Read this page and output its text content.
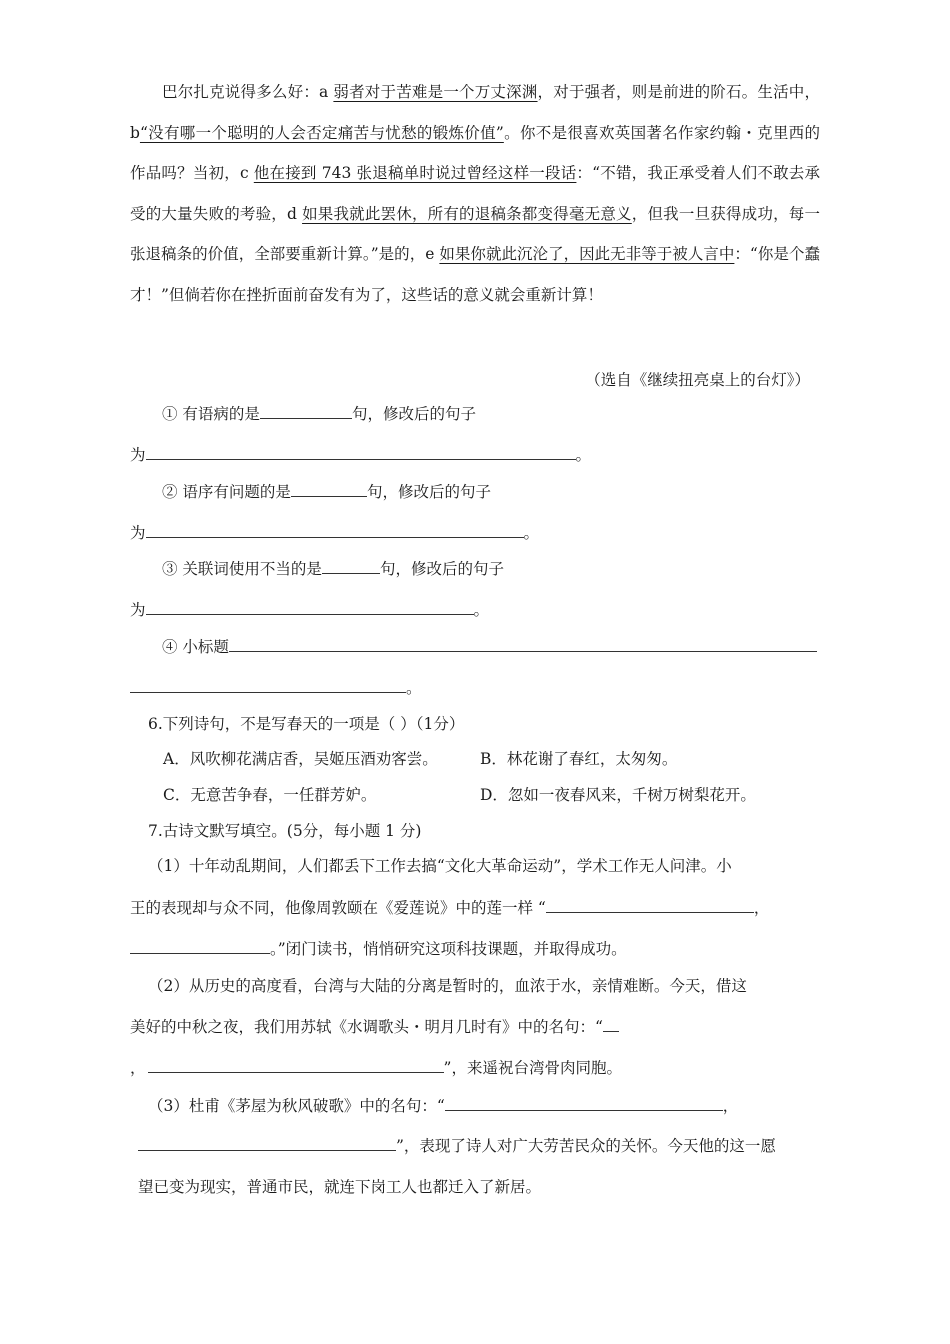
巴尔扎克说得多么好：a 弱者对于苦难是一个万丈深渊，对于强者，则是前进的阶石。生活中，b“没有哪一个聪明的人会否定痛苦与忧愁的锻炼价值”。你不是很喜欢英国著名作家约翰・克里西的作品吗？当初，c 他在接到 743 张退稿单时说过曾经这样一段话：“不错，我正承受着人们不敢去承受的大量失败的考验，d 如果我就此罢休，所有的退稿条都变得毫无意义，但我一旦获得成功，每一张退稿条的价值，全部要重新计算。”是的，e 如果你就此沉沦了，因此无非等于被人言中：“你是个蠢才！”但倘若你在挫折面前奋发有为了，这些话的意义就会重新计算！
（选自《继续扭亮桌上的台灯》）
① 有语病的是	句，修改后的句子
为	。
② 语序有问题的是	句，修改后的句子
为	。
③ 关联词使用不当的是	句，修改后的句子
为	。
④ 小标题
。
6.下列诗句，不是写春天的一项是（ ）（1分）
A．风吹柳花满店香，吴姬压酒劝客尝。	B．林花谢了春红，太匆匆。
C．无意苦争春，一任群芳妒。	D．忽如一夜春风来，千树万树梨花开。
7.古诗文默写填空。(5分，每小题 1 分)
（1）十年动乱期间，人们都丢下工作去搞“文化大革命运动”，学术工作无人问津。小
王的表现却与众不同，他像周敦颐在《爱莲说》中的莲一样 “	，
。”闭门读书，悄悄研究这项科技课题，并取得成功。
（2）从历史的高度看，台湾与大陆的分离是暂时的，血浓于水，亲情难断。今天，借这
美好的中秋之夜，我们用苏轼《水调歌头・明月几时有》中的名句：“
，	”，来遥祝台湾骨肉同胞。
（3）杜甫《茅屋为秋风破歌》中的名句：“	，
”，表现了诗人对广大劳苦民众的关怀。今天他的这一愿
望已变为现实，普通市民，就连下岗工人也都迁入了新居。
